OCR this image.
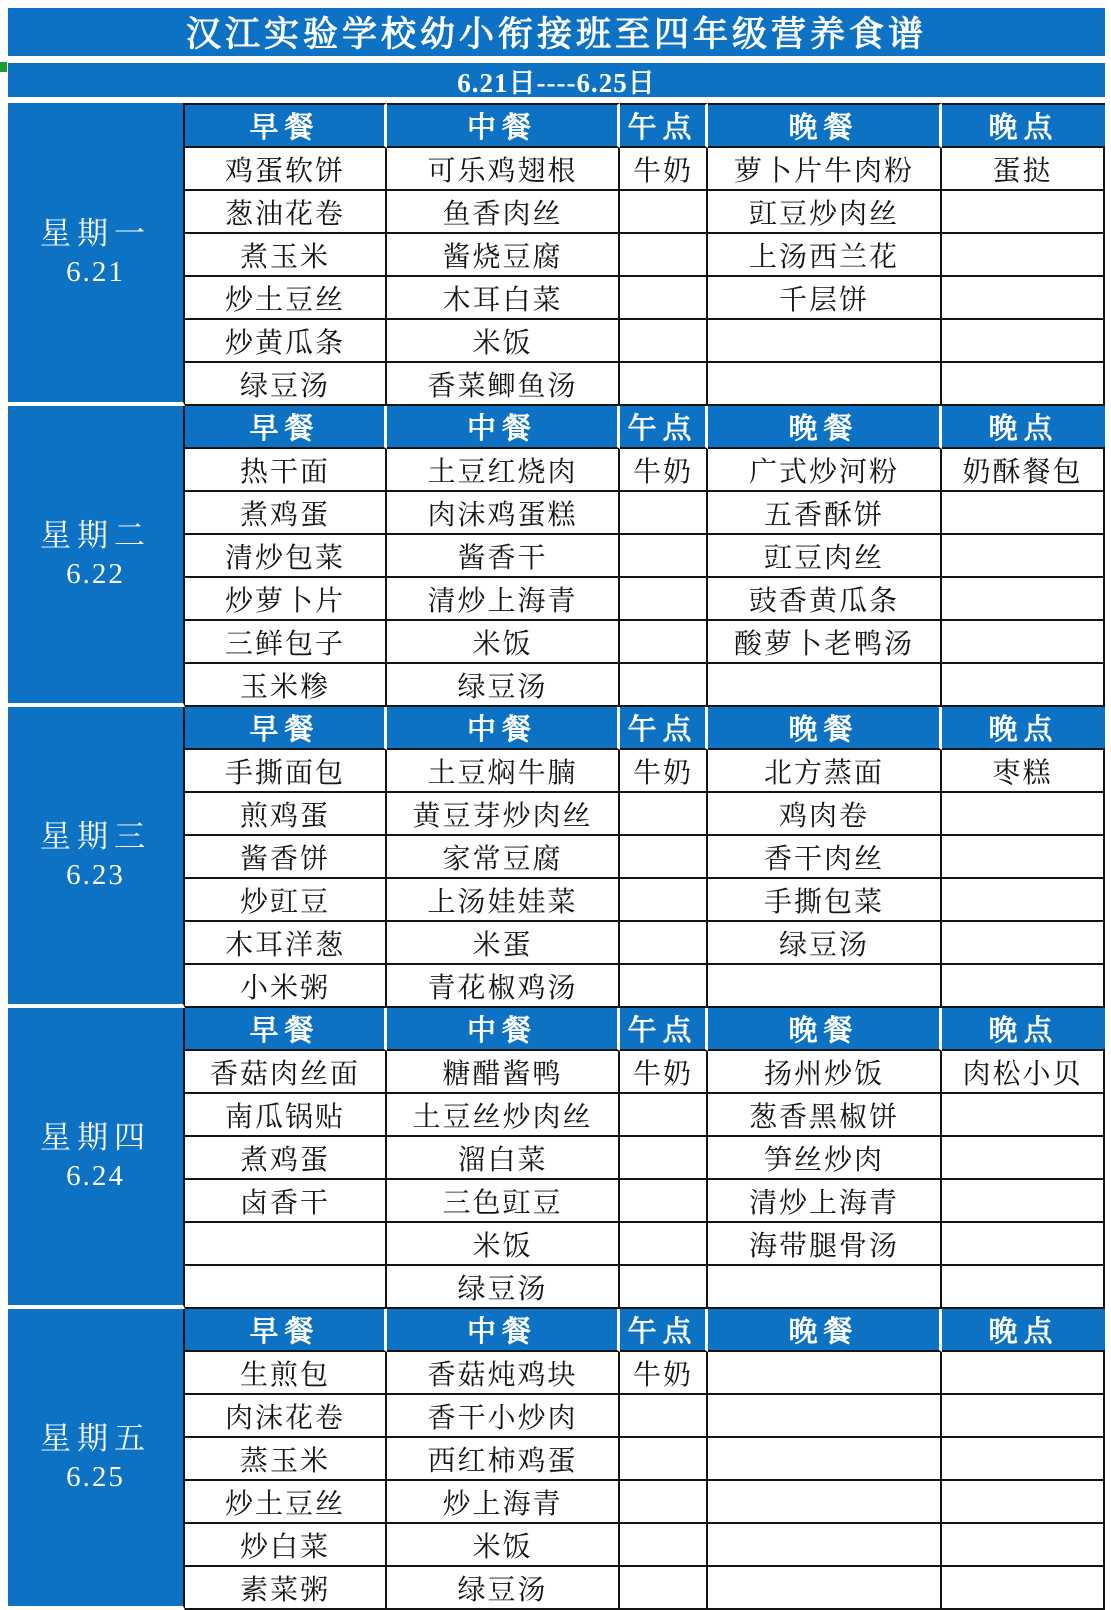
汉江实验学校幼小衔接班至四年级营养食谱
6.21日----6.25日
星期一
6.21	早餐	中餐	午点	晚餐	晚点
	鸡蛋软饼	可乐鸡翅根	牛奶	萝卜片牛肉粉	蛋挞
	葱油花卷	鱼香肉丝		豇豆炒肉丝	
	煮玉米	酱烧豆腐		上汤西兰花	
	炒土豆丝	木耳白菜		千层饼	
	炒黄瓜条	米饭			
	绿豆汤	香菜鲫鱼汤			

星期二
6.22	早餐	中餐	午点	晚餐	晚点
	热干面	土豆红烧肉	牛奶	广式炒河粉	奶酥餐包
	煮鸡蛋	肉沫鸡蛋糕		五香酥饼	
	清炒包菜	酱香干		豇豆肉丝	
	炒萝卜片	清炒上海青		豉香黄瓜条	
	三鲜包子	米饭		酸萝卜老鸭汤	
	玉米糁	绿豆汤			

星期三
6.23	早餐	中餐	午点	晚餐	晚点
	手撕面包	土豆焖牛腩	牛奶	北方蒸面	枣糕
	煎鸡蛋	黄豆芽炒肉丝		鸡肉卷	
	酱香饼	家常豆腐		香干肉丝	
	炒豇豆	上汤娃娃菜		手撕包菜	
	木耳洋葱	米蛋		绿豆汤	
	小米粥	青花椒鸡汤			

星期四
6.24	早餐	中餐	午点	晚餐	晚点
	香菇肉丝面	糖醋酱鸭	牛奶	扬州炒饭	肉松小贝
	南瓜锅贴	土豆丝炒肉丝		葱香黑椒饼	
	煮鸡蛋	溜白菜		笋丝炒肉	
	卤香干	三色豇豆		清炒上海青	
		米饭		海带腿骨汤	
		绿豆汤			

星期五
6.25	早餐	中餐	午点	晚餐	晚点
	生煎包	香菇炖鸡块	牛奶		
	肉沫花卷	香干小炒肉			
	蒸玉米	西红柿鸡蛋			
	炒土豆丝	炒上海青			
	炒白菜	米饭			
	素菜粥	绿豆汤			
